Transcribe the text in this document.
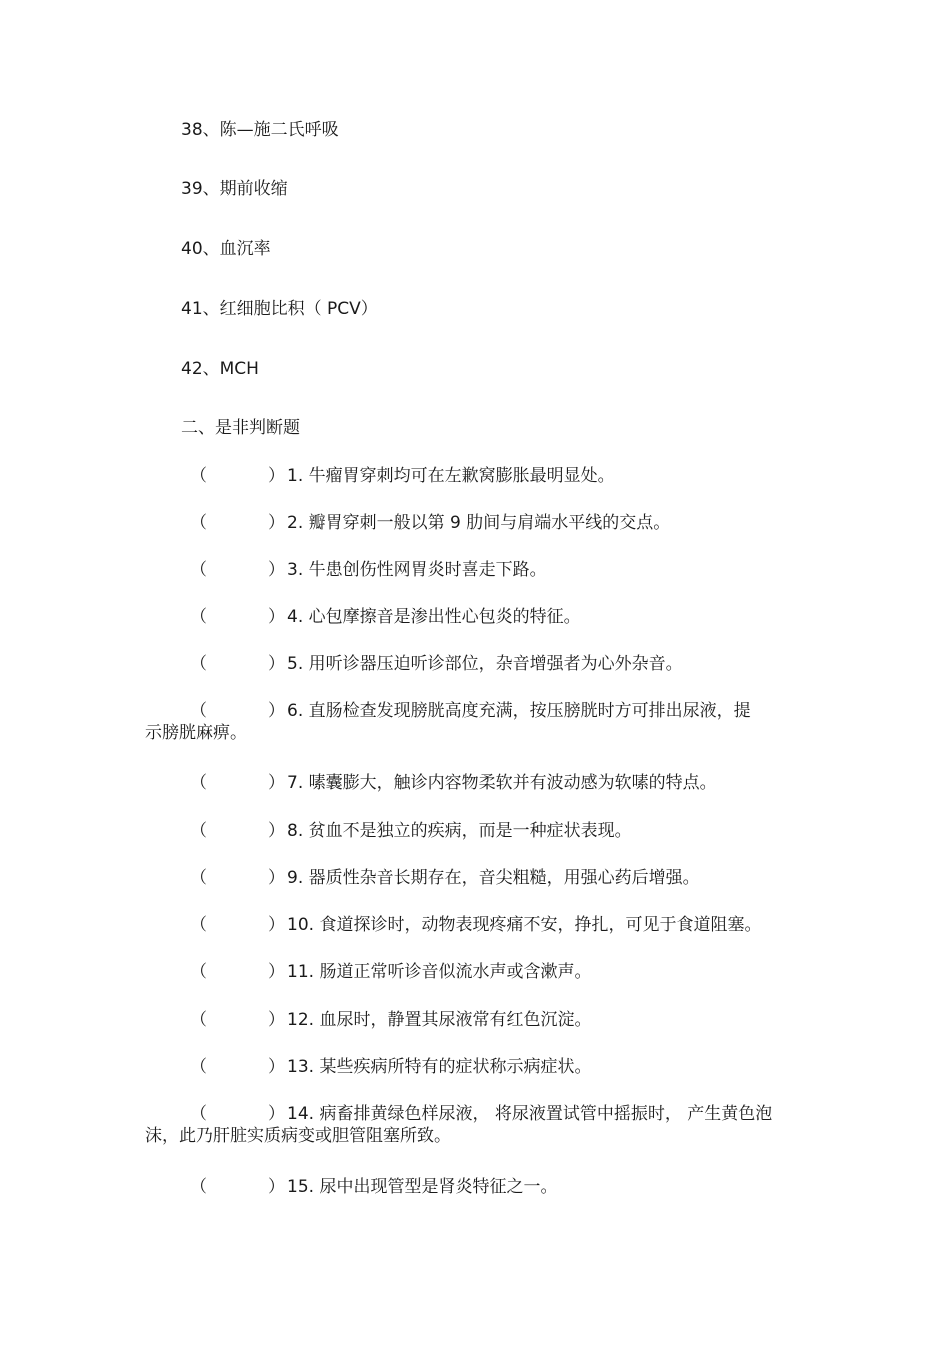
38、陈—施二氏呼吸
39、期前收缩
40、血沉率
41、红细胞比积（ PCV）
42、MCH
二、是非判断题
（	） 1. 牛瘤胃穿刺均可在左歉窝膨胀最明显处。
（	） 2. 瓣胃穿刺一般以第 9 肋间与肩端水平线的交点。
（	） 3. 牛患创伤性网胃炎时喜走下路。
（	） 4. 心包摩擦音是渗出性心包炎的特征。
（	） 5. 用听诊器压迫听诊部位，杂音增强者为心外杂音。
（	） 6. 直肠检查发现膀胱高度充满，按压膀胱时方可排出尿液，提
示膀胱麻痹。
（	） 7. 嗉囊膨大，触诊内容物柔软并有波动感为软嗉的特点。
（	） 8. 贫血不是独立的疾病，而是一种症状表现。
（	） 9. 器质性杂音长期存在，音尖粗糙，用强心药后增强。
（	） 10. 食道探诊时，动物表现疼痛不安，挣扎，可见于食道阻塞。
（	） 11. 肠道正常听诊音似流水声或含漱声。
（	） 12. 血尿时，静置其尿液常有红色沉淀。
（	） 13. 某些疾病所特有的症状称示病症状。
（	） 14. 病畜排黄绿色样尿液， 将尿液置试管中摇振时， 产生黄色泡
沫，此乃肝脏实质病变或胆管阻塞所致。
（	） 15. 尿中出现管型是肾炎特征之一。
